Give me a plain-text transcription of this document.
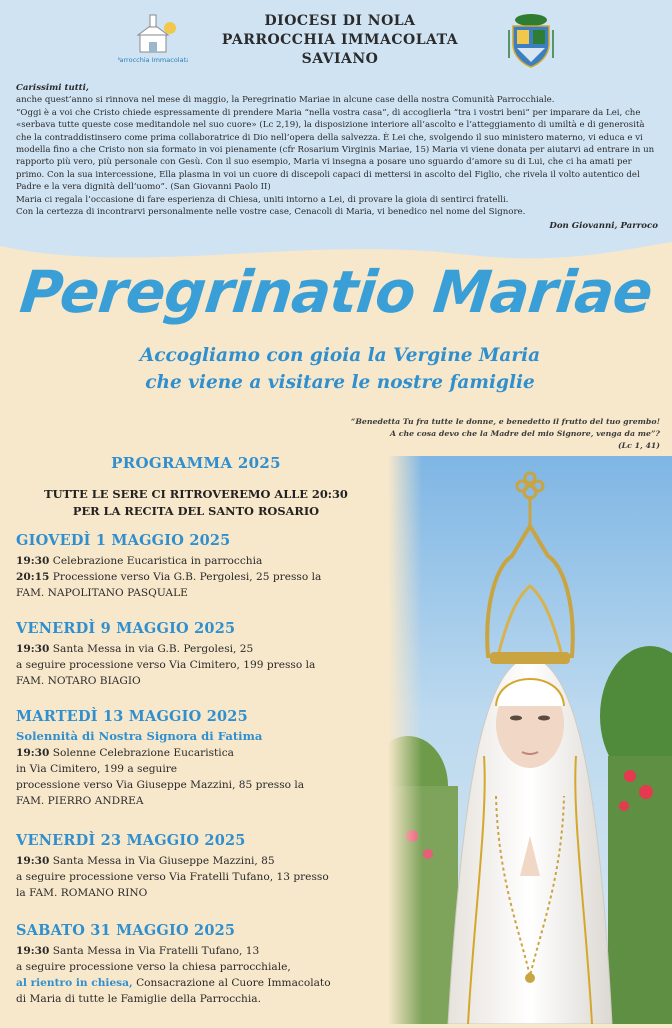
Parrocchia Immacolata
DIOCESI DI NOLA
PARROCCHIA IMMACOLATA
SAVIANO

Carissimi tutti,

anche quest’anno si rinnova nel mese di maggio, la Peregrinatio Mariae in alcune case della nostra Comunità Parrocchiale.

“Oggi è a voi che Cristo chiede espressamente di prendere Maria “nella vostra casa”, di accoglierla “tra i vostri beni” per imparare da Lei, che «serbava tutte queste cose meditandole nel suo cuore» (Lc 2,19), la disposizione interiore all’ascolto e l’atteggiamento di umiltà e di generosità che la contraddistinsero come prima collaboratrice di Dio nell’opera della salvezza. È Lei che, svolgendo il suo ministero materno, vi educa e vi modella fino a che Cristo non sia formato in voi pienamente (cfr Rosarium Virginis Mariae, 15) Maria vi viene donata per aiutarvi ad entrare in un rapporto più vero, più personale con Gesù. Con il suo esempio, Maria vi insegna a posare uno sguardo d’amore su di Lui, che ci ha amati per primo. Con la sua intercessione, Ella plasma in voi un cuore di discepoli capaci di mettersi in ascolto del Figlio, che rivela il volto autentico del Padre e la vera dignità dell’uomo”. (San Giovanni Paolo II)

Maria ci regala l’occasione di fare esperienza di Chiesa, uniti intorno a Lei, di provare la gioia di sentirci fratelli.

Con la certezza di incontrarvi personalmente nelle vostre case, Cenacoli di Maria, vi benedico nel nome del Signore.

Don Giovanni, Parroco

Peregrinatio Mariae
Accogliamo con gioia la Vergine Maria
che viene a visitare le nostre famiglie
“Benedetta Tu fra tutte le donne, e benedetto il frutto del tuo grembo!
A che cosa devo che la Madre del mio Signore, venga da me”?
(Lc 1, 41)
PROGRAMMA 2025
TUTTE LE SERE CI RITROVEREMO ALLE 20:30
PER LA RECITA DEL SANTO ROSARIO
GIOVEDÌ 1 MAGGIO 2025
19:30 Celebrazione Eucaristica in parrocchia
20:15 Processione verso Via G.B. Pergolesi, 25 presso la
FAM. NAPOLITANO PASQUALE
VENERDÌ 9 MAGGIO 2025
19:30 Santa Messa in via G.B. Pergolesi, 25
a seguire processione verso Via Cimitero, 199 presso la
FAM. NOTARO BIAGIO
MARTEDÌ 13 MAGGIO 2025
Solennità di Nostra Signora di Fatima
19:30 Solenne Celebrazione Eucaristica
in Via Cimitero, 199 a seguire
processione verso Via Giuseppe Mazzini, 85 presso la
FAM. PIERRO ANDREA
VENERDÌ 23 MAGGIO 2025
19:30 Santa Messa in Via Giuseppe Mazzini, 85
a seguire processione verso Via Fratelli Tufano, 13 presso
la FAM. ROMANO RINO
SABATO 31 MAGGIO 2025
19:30 Santa Messa in Via Fratelli Tufano, 13
a seguire processione verso la chiesa parrocchiale,
al rientro in chiesa, Consacrazione al Cuore Immacolato
di Maria di tutte le Famiglie della Parrocchia.
